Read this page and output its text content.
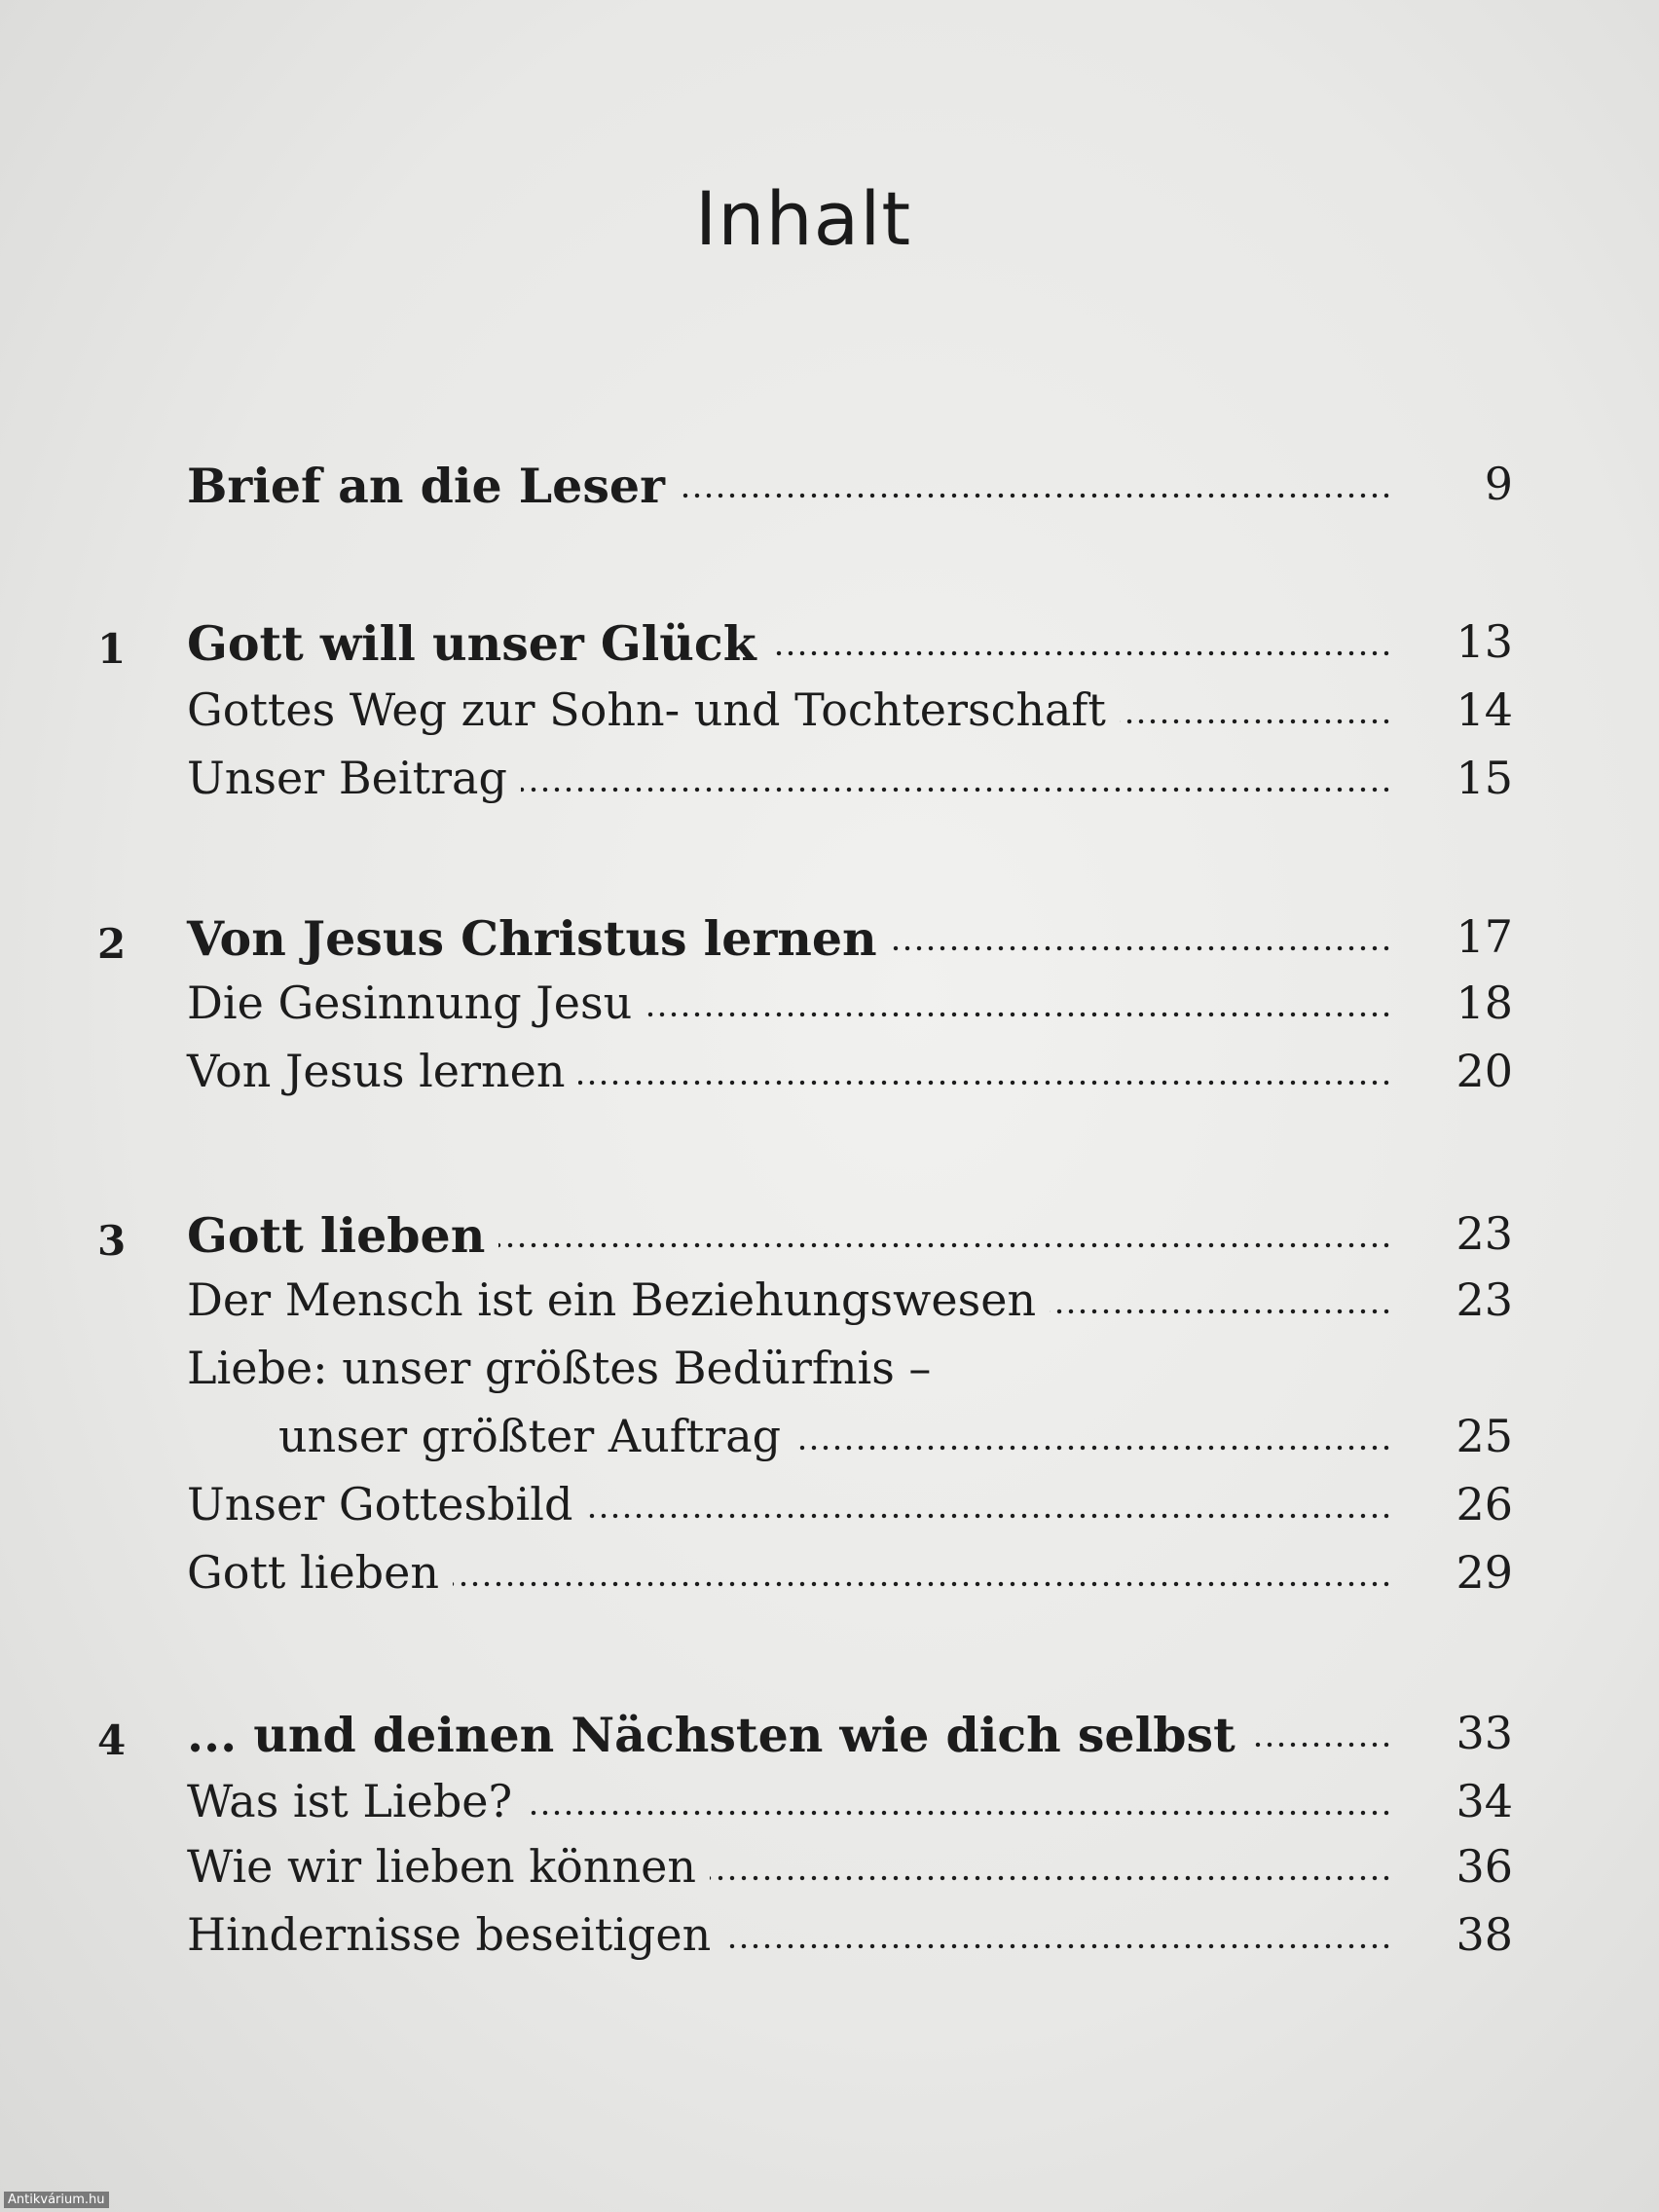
Inhalt
Brief an die Leser	9
1	Gott will unser Glück	13
Gottes Weg zur Sohn- und Tochterschaft	14
Unser Beitrag	15
2	Von Jesus Christus lernen	17
Die Gesinnung Jesu	18
Von Jesus lernen	20
3	Gott lieben	23
Der Mensch ist ein Beziehungswesen	23
Liebe: unser größtes Bedürfnis –
unser größter Auftrag	25
Unser Gottesbild	26
Gott lieben	29
4	... und deinen Nächsten wie dich selbst	33
Was ist Liebe?	34
Wie wir lieben können	36
Hindernisse beseitigen	38
Antikvárium.hu
